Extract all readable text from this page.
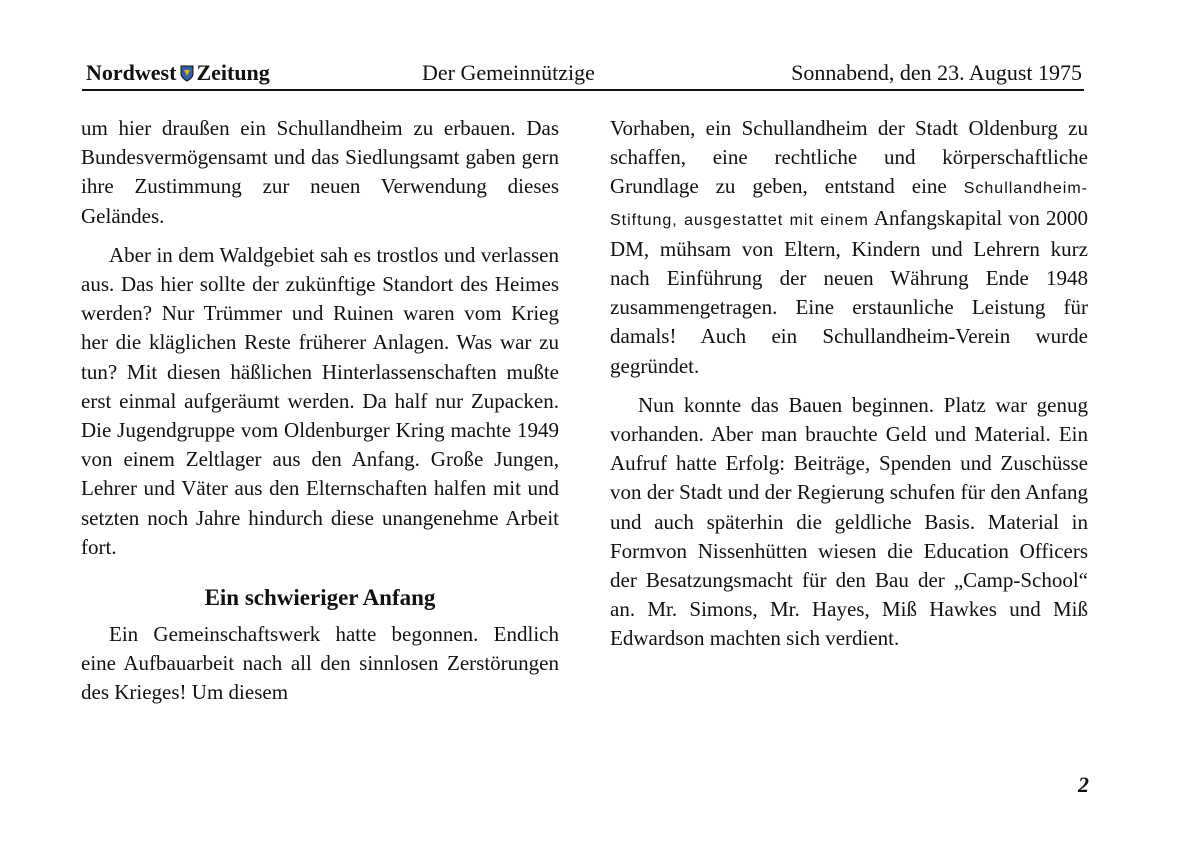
Nordwest Zeitung	Der Gemeinnützige	Sonnabend, den 23. August 1975

um hier draußen ein Schullandheim zu erbauen. Das Bundesvermögensamt und das Siedlungsamt gaben gern ihre Zustimmung zur neuen Verwendung dieses Geländes.

Aber in dem Waldgebiet sah es trostlos und verlassen aus. Das hier sollte der zukünftige Standort des Heimes werden? Nur Trümmer und Ruinen waren vom Krieg her die kläglichen Reste früherer Anlagen. Was war zu tun? Mit diesen häßlichen Hinterlassenschaften mußte erst einmal aufgeräumt werden. Da half nur Zupacken. Die Jugendgruppe vom Oldenburger Kring machte 1949 von einem Zeltlager aus den Anfang. Große Jungen, Lehrer und Väter aus den Elternschaften halfen mit und setzten noch Jahre hindurch diese unangenehme Arbeit fort.

Ein schwieriger Anfang

Ein Gemeinschaftswerk hatte begonnen. Endlich eine Aufbauarbeit nach all den sinnlosen Zerstörungen des Krieges! Um diesem

Vorhaben, ein Schullandheim der Stadt Oldenburg zu schaffen, eine rechtliche und körperschaftliche Grundlage zu geben, entstand eine Schullandheim-Stiftung, ausgestattet mit einem Anfangskapital von 2000 DM, mühsam von Eltern, Kindern und Lehrern kurz nach Einführung der neuen Währung Ende 1948 zusammengetragen. Eine erstaunliche Leistung für damals! Auch ein Schullandheim-Verein wurde gegründet.

Nun konnte das Bauen beginnen. Platz war genug vorhanden. Aber man brauchte Geld und Material. Ein Aufruf hatte Erfolg: Beiträge, Spenden und Zuschüsse von der Stadt und der Regierung schufen für den Anfang und auch späterhin die geldliche Basis. Material in Formvon Nissenhütten wiesen die Education Officers der Besatzungsmacht für den Bau der „Camp-School“ an. Mr. Simons, Mr. Hayes, Miß Hawkes und Miß Edwardson machten sich verdient.

2
